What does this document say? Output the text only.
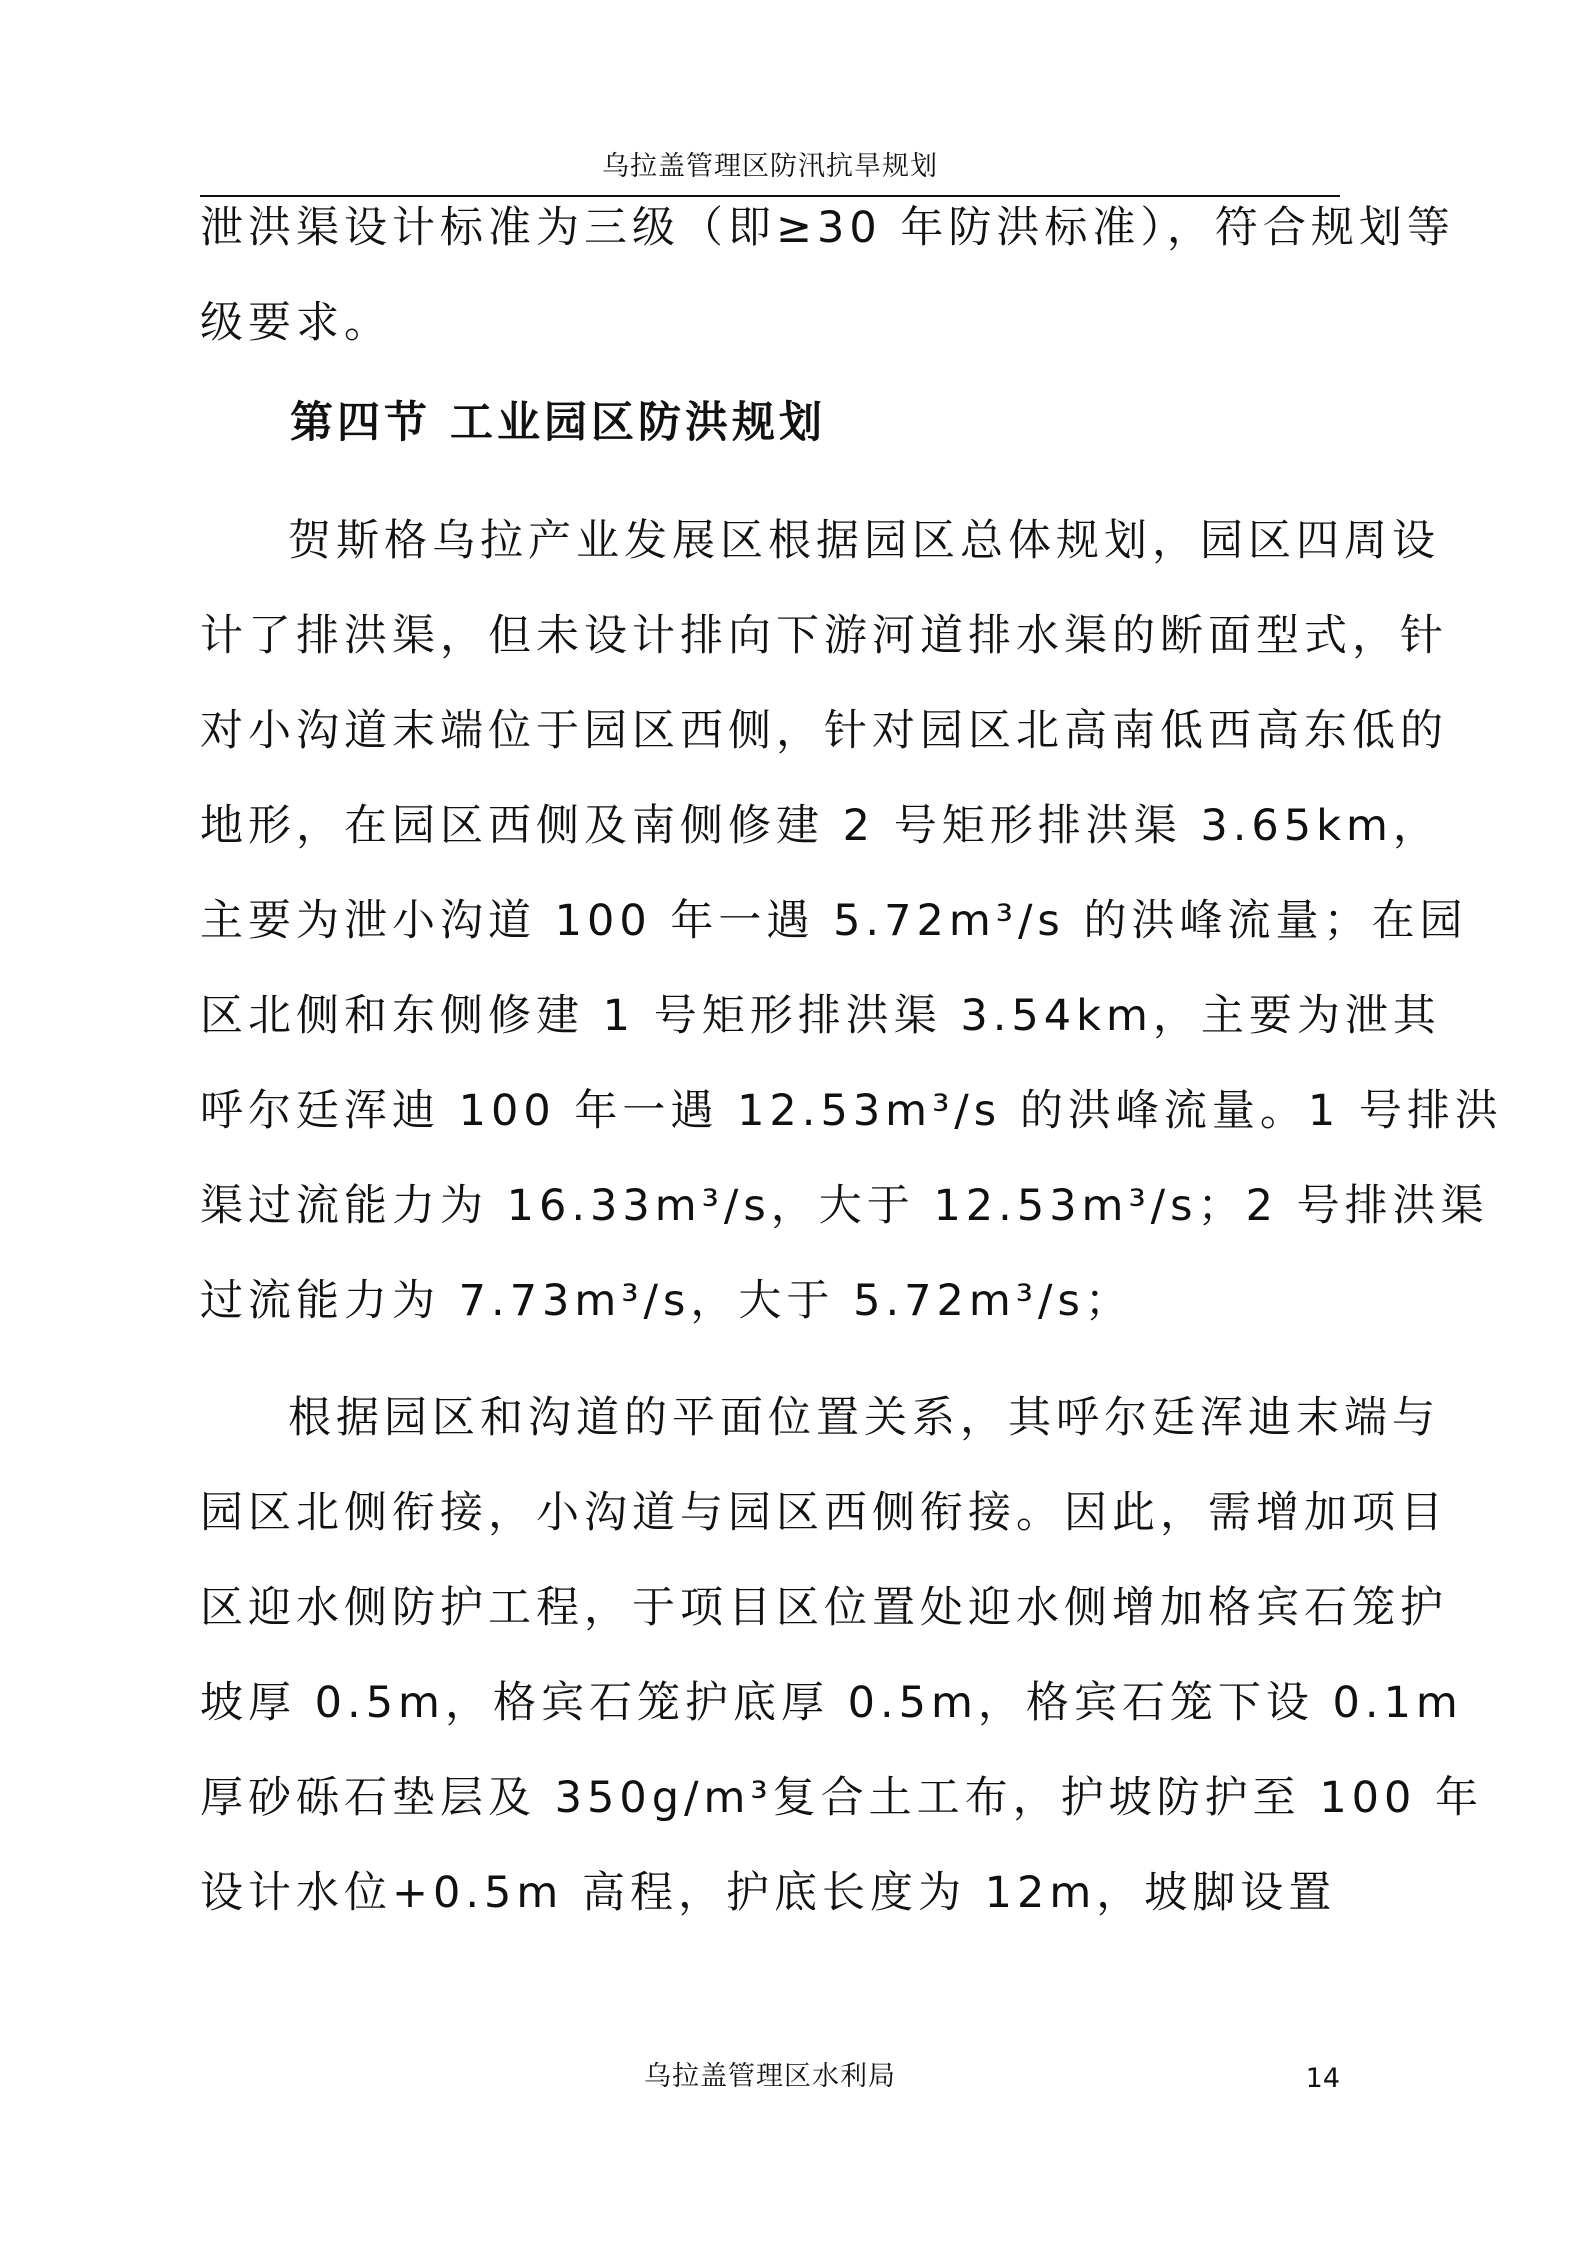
乌拉盖管理区防汛抗旱规划
泄洪渠设计标准为三级（即≥30 年防洪标准），符合规划等
级要求。
第四节 工业园区防洪规划
贺斯格乌拉产业发展区根据园区总体规划，园区四周设
计了排洪渠，但未设计排向下游河道排水渠的断面型式，针
对小沟道末端位于园区西侧，针对园区北高南低西高东低的
地形，在园区西侧及南侧修建 2 号矩形排洪渠 3.65km，
主要为泄小沟道 100 年一遇 5.72m³/s 的洪峰流量；在园
区北侧和东侧修建 1 号矩形排洪渠 3.54km，主要为泄其
呼尔廷浑迪 100 年一遇 12.53m³/s 的洪峰流量。1 号排洪
渠过流能力为 16.33m³/s，大于 12.53m³/s；2 号排洪渠
过流能力为 7.73m³/s，大于 5.72m³/s；
根据园区和沟道的平面位置关系，其呼尔廷浑迪末端与
园区北侧衔接，小沟道与园区西侧衔接。因此，需增加项目
区迎水侧防护工程，于项目区位置处迎水侧增加格宾石笼护
坡厚 0.5m，格宾石笼护底厚 0.5m，格宾石笼下设 0.1m
厚砂砾石垫层及 350g/m³复合土工布，护坡防护至 100 年
设计水位+0.5m 高程，护底长度为 12m，坡脚设置
乌拉盖管理区水利局	14
